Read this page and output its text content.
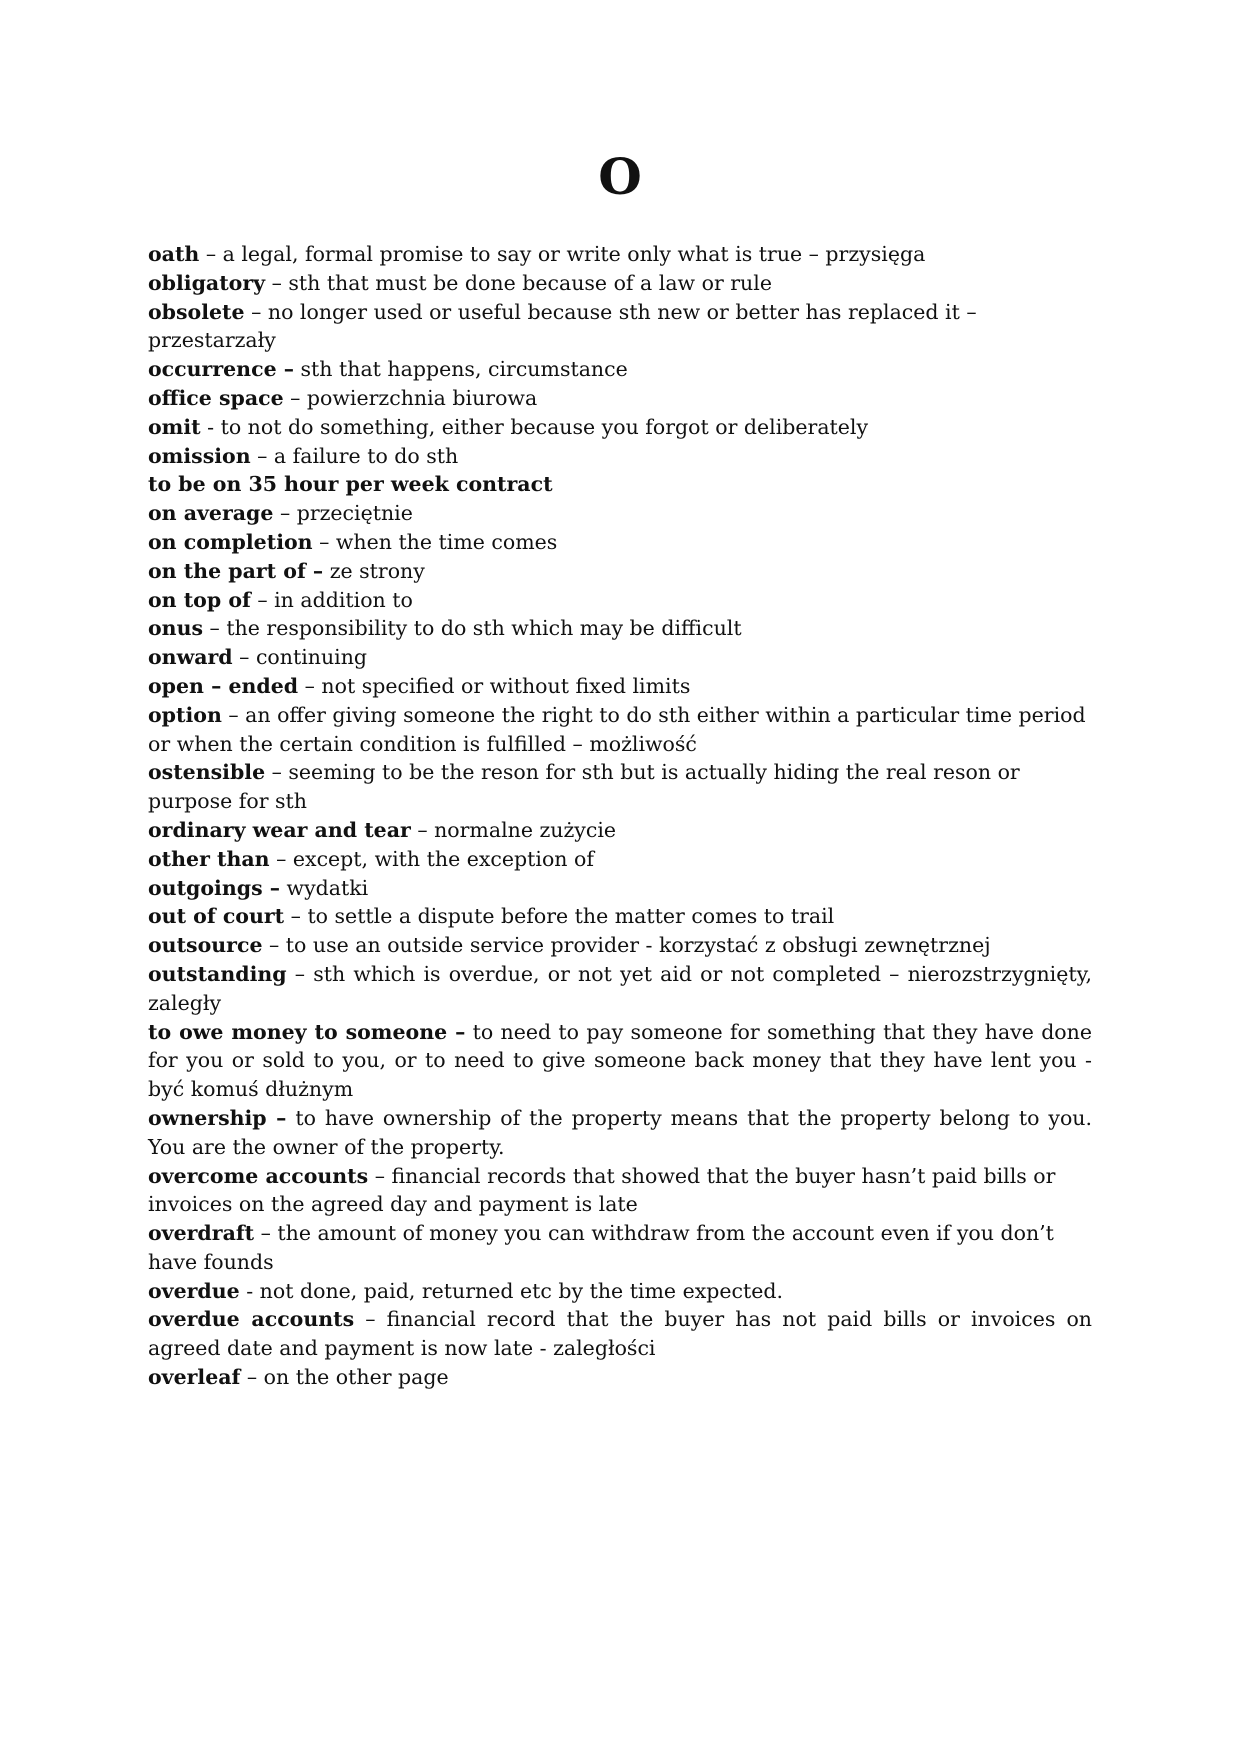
O
oath – a legal, formal promise to say or write only what is true – przysięga
obligatory – sth that must be done because of a law or rule
obsolete – no longer used or useful because sth new or better has replaced it – przestarzały
occurrence – sth that happens, circumstance
office space – powierzchnia biurowa
omit - to not do something, either because you forgot or deliberately
omission – a failure to do sth
to be on 35 hour per week contract
on average – przeciętnie
on completion – when the time comes
on the part of – ze strony
on top of – in addition to
onus – the responsibility to do sth which may be difficult
onward – continuing
open – ended – not specified or without fixed limits
option – an offer giving someone the right to do sth either within a particular time period or when the certain condition is fulfilled – możliwość
ostensible – seeming to be the reson for sth but is actually hiding the real reson or purpose for sth
ordinary wear and tear – normalne zużycie
other than – except, with the exception of
outgoings – wydatki
out of court – to settle a dispute before the matter comes to trail
outsource – to use an outside service provider - korzystać z obsługi zewnętrznej
outstanding – sth which is overdue, or not yet aid or not completed – nierozstrzygnięty, zaległy
to owe money to someone – to need to pay someone for something that they have done for you or sold to you, or to need to give someone back money that they have lent you - być komuś dłużnym
ownership – to have ownership of the property means that the property belong to you. You are the owner of the property.
overcome accounts – financial records that showed that the buyer hasn’t paid bills or invoices on the agreed day and payment is late
overdraft – the amount of money you can withdraw from the account even if you don’t have founds
overdue - not done, paid, returned etc by the time expected.
overdue accounts – financial record that the buyer has not paid bills or invoices on agreed date and payment is now late - zaległości
overleaf – on the other page
